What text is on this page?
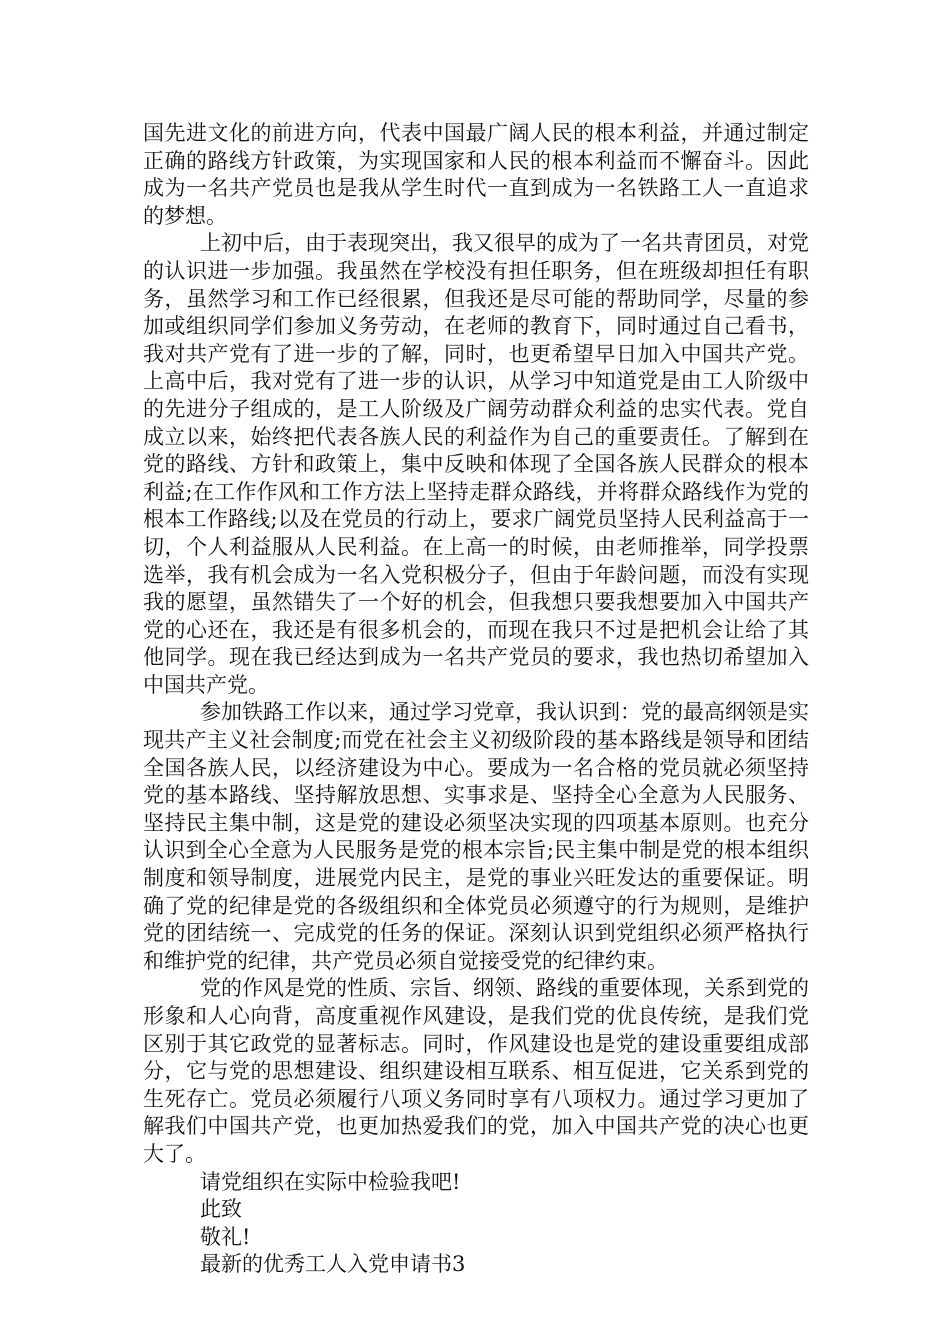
国先进文化的前进方向，代表中国最广阔人民的根本利益，并通过制定正确的路线方针政策，为实现国家和人民的根本利益而不懈奋斗。因此成为一名共产党员也是我从学生时代一直到成为一名铁路工人一直追求的梦想。

上初中后，由于表现突出，我又很早的成为了一名共青团员，对党的认识进一步加强。我虽然在学校没有担任职务，但在班级却担任有职务，虽然学习和工作已经很累，但我还是尽可能的帮助同学，尽量的参加或组织同学们参加义务劳动，在老师的教育下，同时通过自己看书，我对共产党有了进一步的了解，同时，也更希望早日加入中国共产党。 上高中后，我对党有了进一步的认识，从学习中知道党是由工人阶级中的先进分子组成的，是工人阶级及广阔劳动群众利益的忠实代表。党自成立以来，始终把代表各族人民的利益作为自己的重要责任。了解到在党的路线、方针和政策上，集中反映和体现了全国各族人民群众的根本利益;在工作作风和工作方法上坚持走群众路线，并将群众路线作为党的根本工作路线;以及在党员的行动上，要求广阔党员坚持人民利益高于一切，个人利益服从人民利益。在上高一的时候，由老师推举，同学投票选举，我有机会成为一名入党积极分子，但由于年龄问题，而没有实现我的愿望，虽然错失了一个好的机会，但我想只要我想要加入中国共产党的心还在，我还是有很多机会的，而现在我只不过是把机会让给了其他同学。现在我已经达到成为一名共产党员的要求，我也热切希望加入中国共产党。

参加铁路工作以来，通过学习党章，我认识到：党的最高纲领是实现共产主义社会制度;而党在社会主义初级阶段的基本路线是领导和团结全国各族人民，以经济建设为中心。要成为一名合格的党员就必须坚持党的基本路线、坚持解放思想、实事求是、坚持全心全意为人民服务、坚持民主集中制，这是党的建设必须坚决实现的四项基本原则。也充分认识到全心全意为人民服务是党的根本宗旨;民主集中制是党的根本组织制度和领导制度，进展党内民主，是党的事业兴旺发达的重要保证。明确了党的纪律是党的各级组织和全体党员必须遵守的行为规则，是维护党的团结统一、完成党的任务的保证。深刻认识到党组织必须严格执行和维护党的纪律，共产党员必须自觉接受党的纪律约束。

党的作风是党的性质、宗旨、纲领、路线的重要体现，关系到党的形象和人心向背，高度重视作风建设，是我们党的优良传统，是我们党区别于其它政党的显著标志。同时，作风建设也是党的建设重要组成部分，它与党的思想建设、组织建设相互联系、相互促进，它关系到党的生死存亡。党员必须履行八项义务同时享有八项权力。通过学习更加了解我们中国共产党，也更加热爱我们的党，加入中国共产党的决心也更大了。

请党组织在实际中检验我吧!

此致

敬礼!

最新的优秀工人入党申请书3
